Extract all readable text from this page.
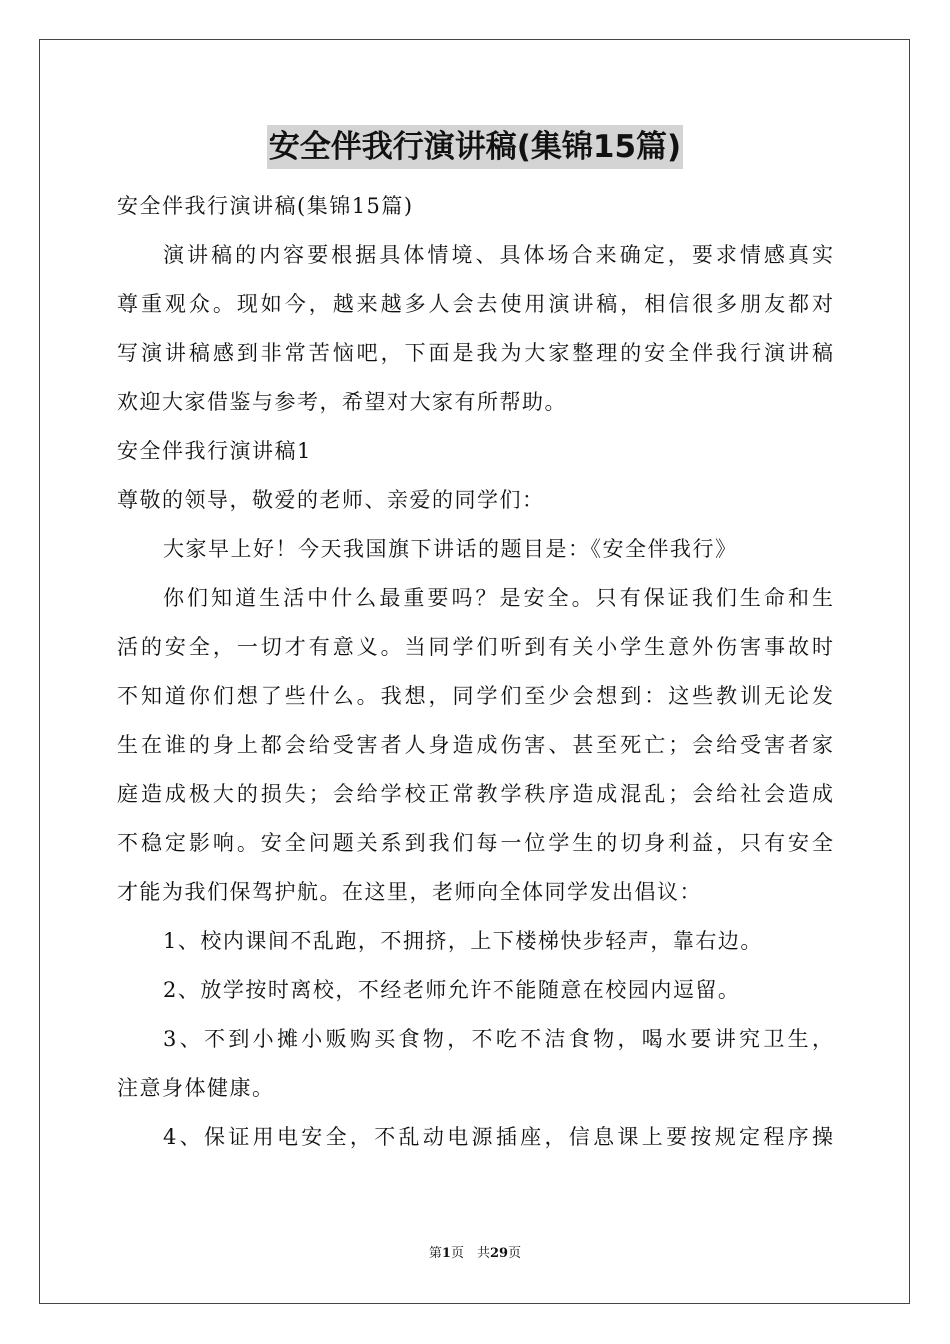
安全伴我行演讲稿(集锦15篇)
安全伴我行演讲稿(集锦15篇)
演讲稿的内容要根据具体情境、具体场合来确定，要求情感真实
尊重观众。现如今，越来越多人会去使用演讲稿，相信很多朋友都对
写演讲稿感到非常苦恼吧，下面是我为大家整理的安全伴我行演讲稿
欢迎大家借鉴与参考，希望对大家有所帮助。
安全伴我行演讲稿1
尊敬的领导，敬爱的老师、亲爱的同学们：
大家早上好！今天我国旗下讲话的题目是：《安全伴我行》
你们知道生活中什么最重要吗？是安全。只有保证我们生命和生
活的安全，一切才有意义。当同学们听到有关小学生意外伤害事故时
不知道你们想了些什么。我想，同学们至少会想到：这些教训无论发
生在谁的身上都会给受害者人身造成伤害、甚至死亡；会给受害者家
庭造成极大的损失；会给学校正常教学秩序造成混乱；会给社会造成
不稳定影响。安全问题关系到我们每一位学生的切身利益，只有安全
才能为我们保驾护航。在这里，老师向全体同学发出倡议：
1、校内课间不乱跑，不拥挤，上下楼梯快步轻声，靠右边。
2、放学按时离校，不经老师允许不能随意在校园内逗留。
3、不到小摊小贩购买食物，不吃不洁食物，喝水要讲究卫生，
注意身体健康。
4、保证用电安全，不乱动电源插座，信息课上要按规定程序操
第1页　共29页
